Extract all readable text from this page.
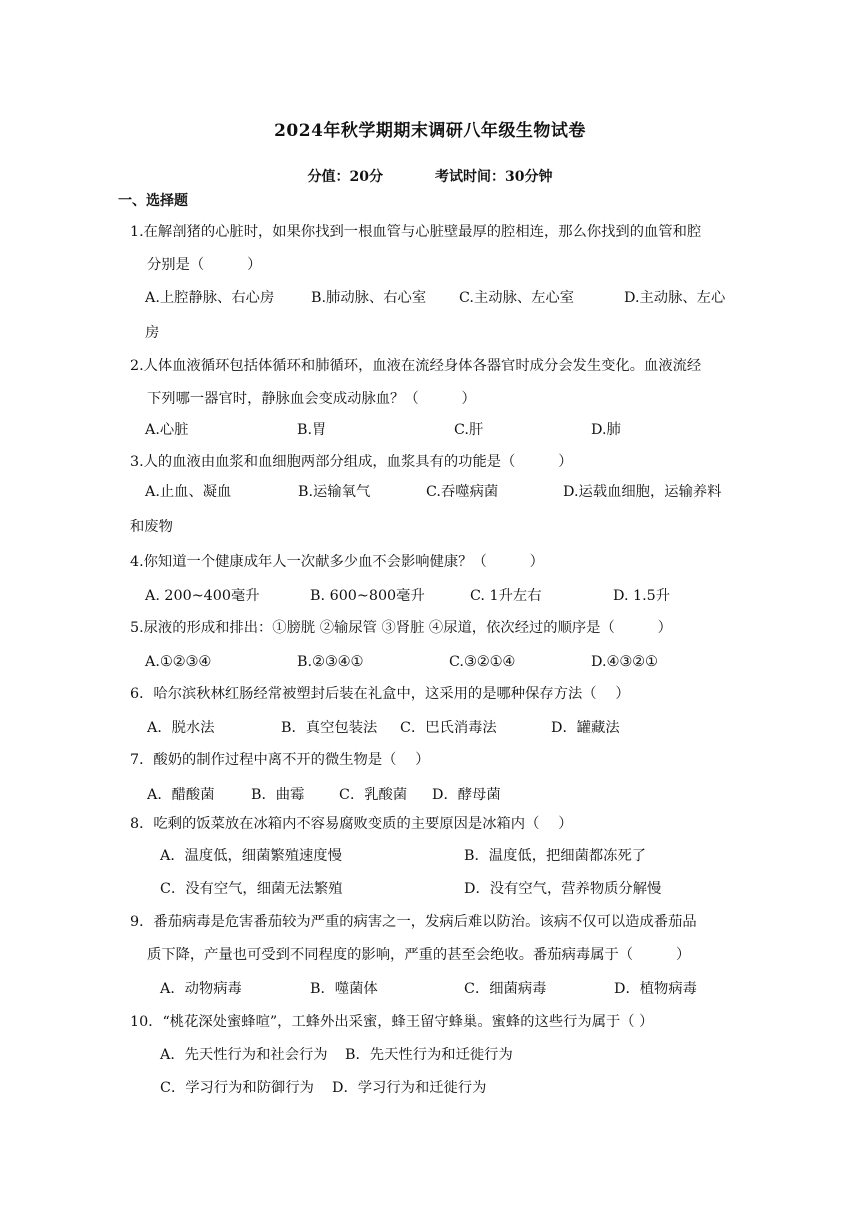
2024年秋学期期末调研八年级生物试卷
分值：20分	考试时间：30分钟
一、选择题
1.在解剖猪的心脏时，如果你找到一根血管与心脏壁最厚的腔相连，那么你找到的血管和腔
分别是（　　　）
A.上腔静脉、右心房	B.肺动脉、右心室 C.主动脉、左心室	D.主动脉、左心
房
2.人体血液循环包括体循环和肺循环，血液在流经身体各器官时成分会发生变化。血液流经
下列哪一器官时，静脉血会变成动脉血？（　　　）
A.心脏	B.胃	C.肝	D.肺
3.人的血液由血浆和血细胞两部分组成，血浆具有的功能是（　　　）
A.止血、凝血	B.运输氧气	C.吞噬病菌	D.运载血细胞，运输养料
和废物
4.你知道一个健康成年人一次献多少血不会影响健康？（　　　）
A. 200~400毫升	B. 600~800毫升	C. 1升左右	D. 1.5升
5.尿液的形成和排出：①膀胱 ②输尿管 ③肾脏 ④尿道，依次经过的顺序是（　　　）
A.①②③④	B.②③④①	C.③②①④	D.④③②①
6．哈尔滨秋林红肠经常被塑封后装在礼盒中，这采用的是哪种保存方法（　 ）
A．脱水法	B．真空包装法 C．巴氏消毒法	D．罐藏法
7．酸奶的制作过程中离不开的微生物是（　 ）
A．醋酸菌	B．曲霉 C．乳酸菌 D．酵母菌
8．吃剩的饭菜放在冰箱内不容易腐败变质的主要原因是冰箱内（　 ）
A．温度低，细菌繁殖速度慢	B．温度低，把细菌都冻死了
C．没有空气，细菌无法繁殖	D．没有空气，营养物质分解慢
9．番茄病毒是危害番茄较为严重的病害之一，发病后难以防治。该病不仅可以造成番茄品
质下降，产量也可受到不同程度的影响，严重的甚至会绝收。番茄病毒属于（　　　）
A．动物病毒	B．噬菌体	C．细菌病毒	D．植物病毒
10．“桃花深处蜜蜂喧”，工蜂外出采蜜，蜂王留守蜂巢。蜜蜂的这些行为属于（ ）
A．先天性行为和社会行为 B．先天性行为和迁徙行为
C．学习行为和防御行为 D．学习行为和迁徙行为
